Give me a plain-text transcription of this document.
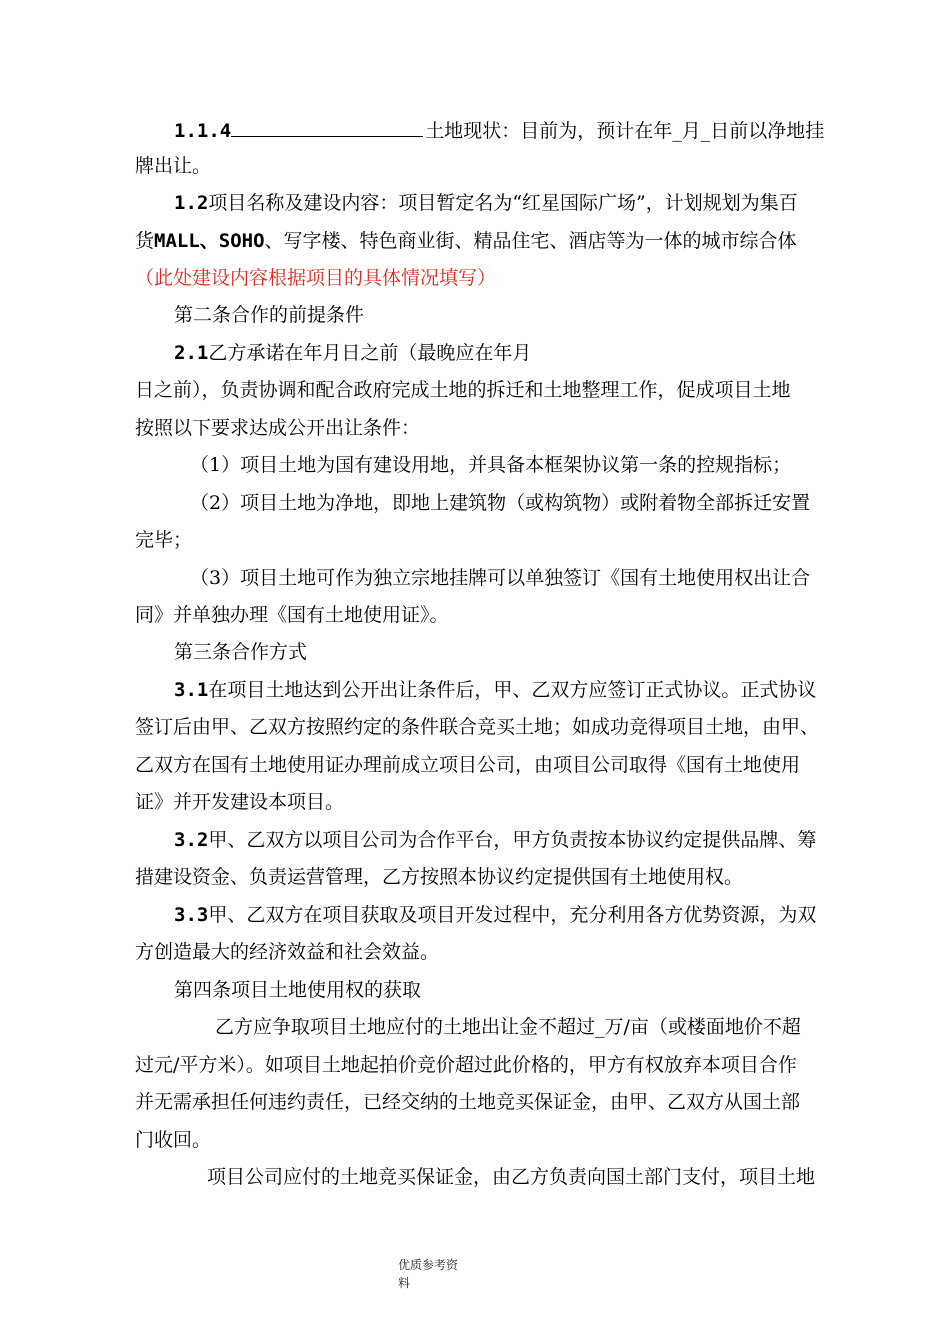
1.1.4	土地现状：目前为，预计在年_月_日前以净地挂
牌出让。
1.2项目名称及建设内容：项目暂定名为“红星国际广场”，计划规划为集百
货MALL、SOHO、写字楼、特色商业街、精品住宅、酒店等为一体的城市综合体
（此处建设内容根据项目的具体情况填写）
第二条合作的前提条件
2.1乙方承诺在年月日之前（最晚应在年月
日之前），负责协调和配合政府完成土地的拆迁和土地整理工作，促成项目土地
按照以下要求达成公开出让条件：
（1）项目土地为国有建设用地，并具备本框架协议第一条的控规指标；
（2）项目土地为净地，即地上建筑物（或构筑物）或附着物全部拆迁安置
完毕；
（3）项目土地可作为独立宗地挂牌可以单独签订《国有土地使用权出让合
同》并单独办理《国有土地使用证》。
第三条合作方式
3.1在项目土地达到公开出让条件后，甲、乙双方应签订正式协议。正式协议
签订后由甲、乙双方按照约定的条件联合竞买土地；如成功竞得项目土地，由甲、
乙双方在国有土地使用证办理前成立项目公司，由项目公司取得《国有土地使用
证》并开发建设本项目。
3.2甲、乙双方以项目公司为合作平台，甲方负责按本协议约定提供品牌、筹
措建设资金、负责运营管理，乙方按照本协议约定提供国有土地使用权。
3.3甲、乙双方在项目获取及项目开发过程中，充分利用各方优势资源，为双
方创造最大的经济效益和社会效益。
第四条项目土地使用权的获取
乙方应争取项目土地应付的土地出让金不超过_万/亩（或楼面地价不超
过元/平方米）。如项目土地起拍价竞价超过此价格的，甲方有权放弃本项目合作
并无需承担任何违约责任，已经交纳的土地竞买保证金，由甲、乙双方从国土部
门收回。
项目公司应付的土地竞买保证金，由乙方负责向国土部门支付，项目土地
优质参考资
料
